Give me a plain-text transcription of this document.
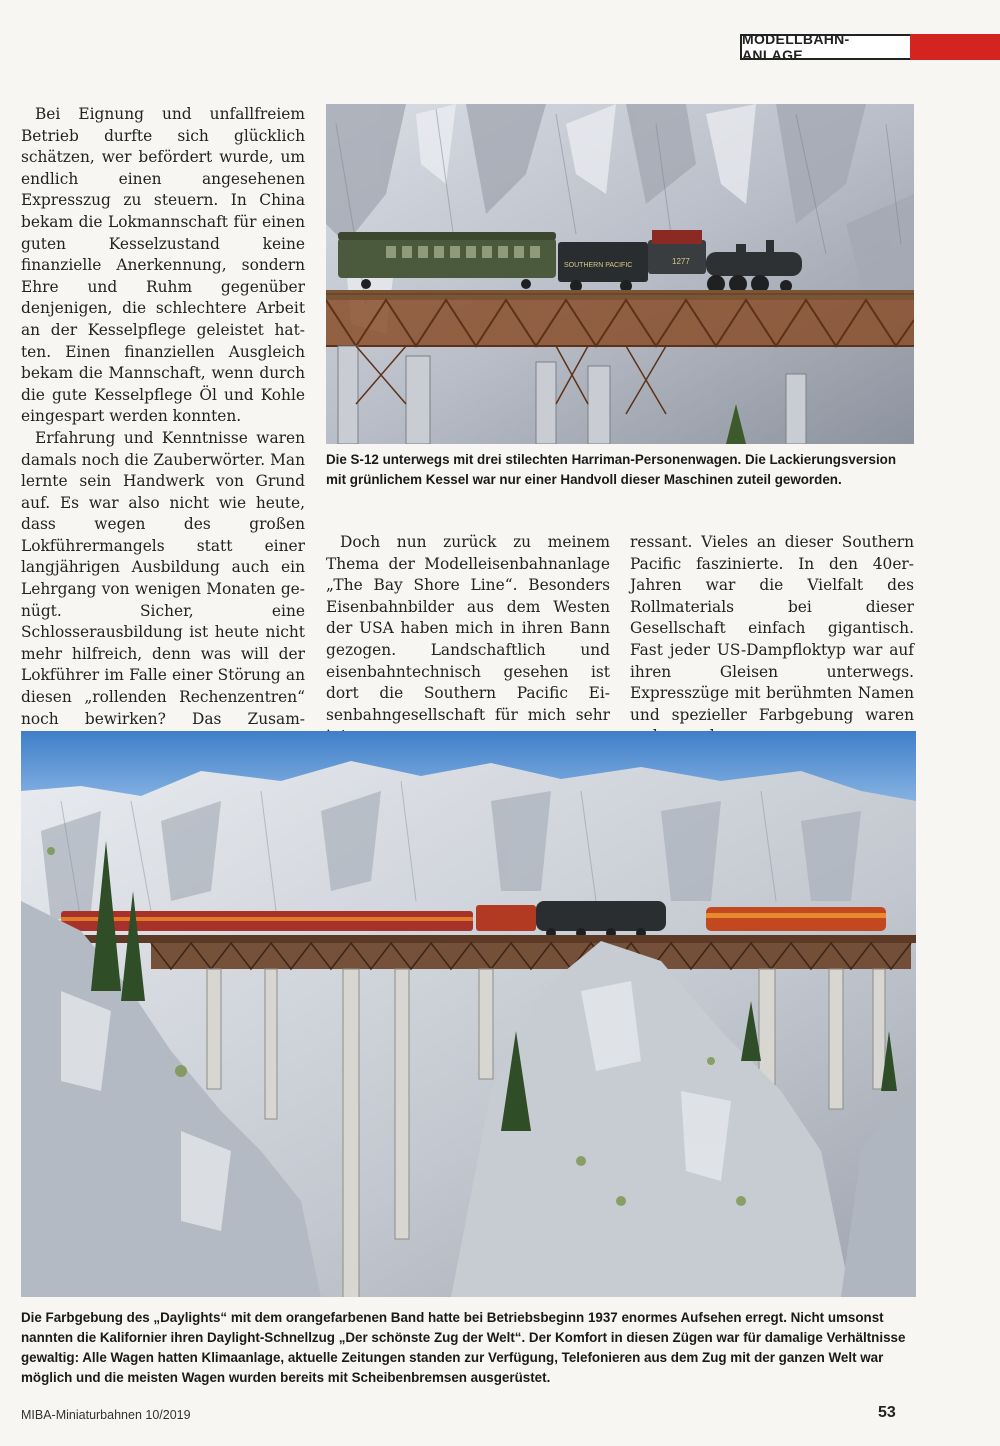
MODELLBAHN-ANLAGE

Bei Eignung und unfallfreiem Betrieb durfte sich glücklich schätzen, wer befördert wurde, um endlich einen angesehenen Expresszug zu steuern. In China bekam die Lokmannschaft für einen guten Kesselzustand keine finanzielle Anerkennung, sondern Ehre und Ruhm gegenüber denjenigen, die schlechtere Arbeit an der Kesselpflege geleistet hatten. Einen finanziellen Ausgleich bekam die Mannschaft, wenn durch die gute Kesselpflege Öl und Kohle eingespart werden konnten.

Erfahrung und Kenntnisse waren damals noch die Zauberwörter. Man lernte sein Handwerk von Grund auf. Es war also nicht wie heute, dass wegen des großen Lokführermangels statt einer langjährigen Ausbildung auch ein Lehrgang von wenigen Monaten genügt. Sicher, eine Schlosserausbildung ist heute nicht mehr hilfreich, denn was will der Lokführer im Falle einer Störung an diesen „rollenden Rechenzentren“ noch bewirken? Das Zusam

SOUTHERN PACIFIC	1277
Die S-12 unterwegs mit drei stilechten Harriman-Personenwagen. Die Lackierungsversion mit grünlichem Kessel war nur einer Handvoll dieser Maschinen zuteil geworden.

Doch nun zurück zu meinem Thema der Modelleisenbahnanlage „The Bay Shore Line“. Besonders Eisenbahnbilder aus dem Westen der USA haben mich in ihren Bann gezogen. Landschaftlich und eisenbahntechnisch gesehen ist dort die Southern Pacific Eisenbahngesellschaft für mich sehr

ressant. Vieles an dieser Southern Pacific faszinierte. In den 40er-Jahren war die Vielfalt des Rollmaterials bei dieser Gesellschaft einfach gigantisch. Fast jeder US-Dampfloktyp war auf ihren Gleisen unterwegs. Expresszüge mit berühmten Namen und spezieller Farbgebung waren

Die Farbgebung des „Daylights“ mit dem orangefarbenen Band hatte bei Betriebsbeginn 1937 enormes Aufsehen erregt. Nicht umsonst nannten die Kalifornier ihren Daylight-Schnellzug „Der schönste Zug der Welt“. Der Komfort in diesen Zügen war für damalige Verhältnisse gewaltig: Alle Wagen hatten Klimaanlage, aktuelle Zeitungen standen zur Verfügung, Telefonieren aus dem Zug mit der ganzen Welt war möglich und die meisten Wagen wurden bereits mit Scheibenbremsen ausgerüstet.
MIBA-Miniaturbahnen 10/2019	53
